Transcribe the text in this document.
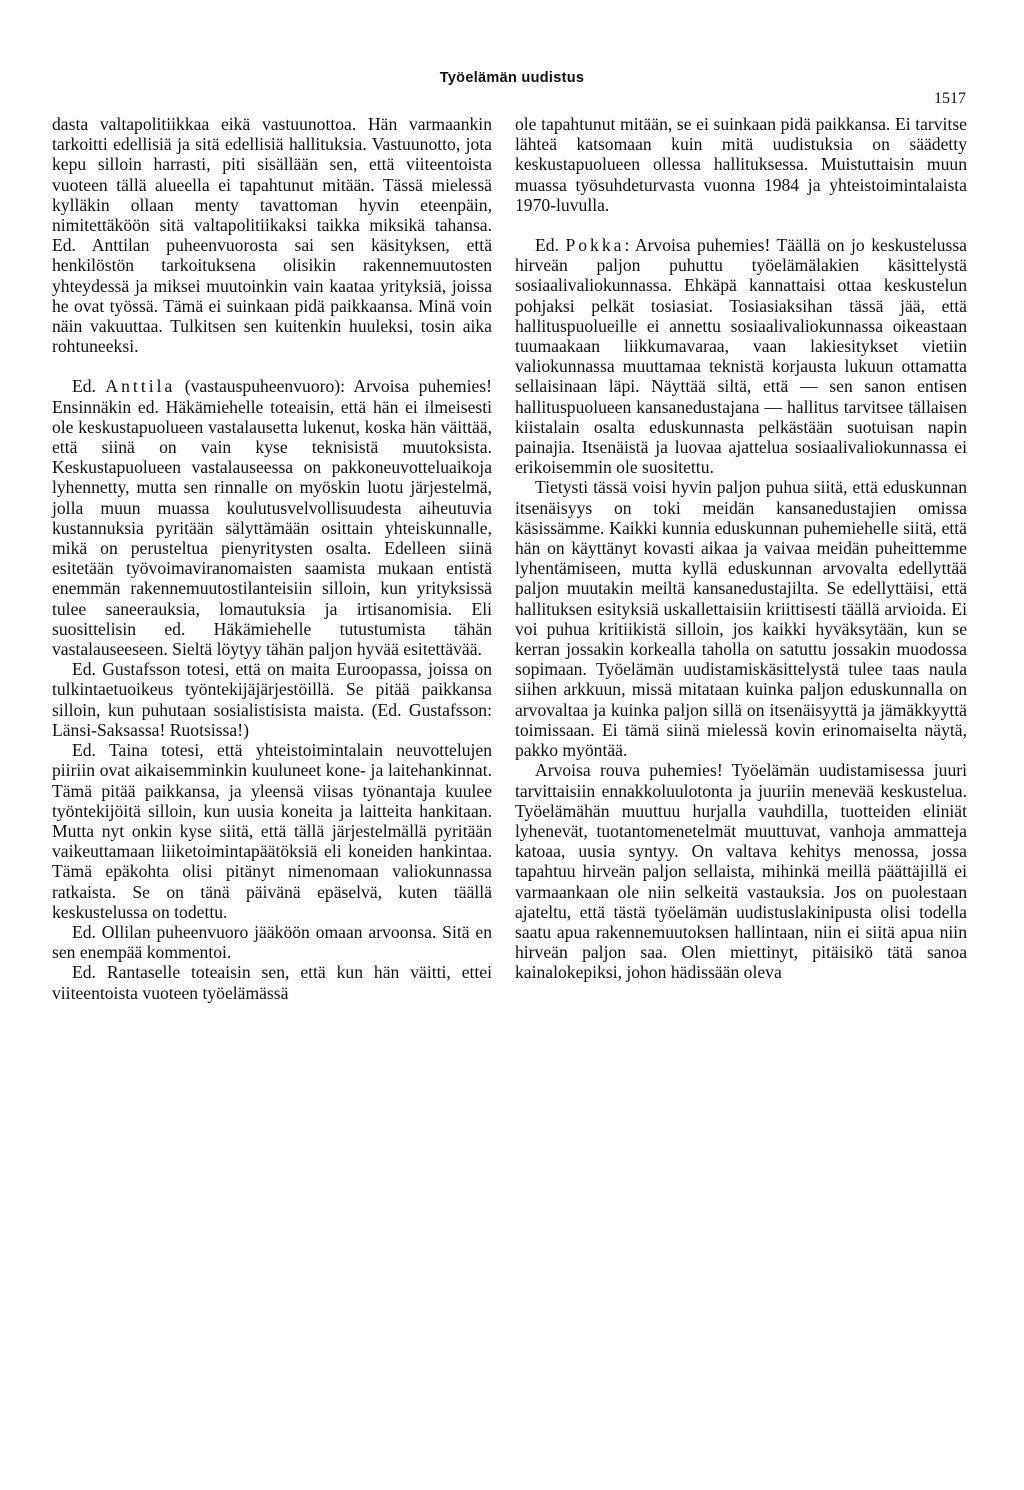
Työelämän uudistus
1517

dasta valtapolitiikkaa eikä vastuunottoa. Hän varmaankin tarkoitti edellisiä ja sitä edellisiä hallituksia. Vastuunotto, jota kepu silloin harrasti, piti sisällään sen, että viiteentoista vuoteen tällä alueella ei tapahtunut mitään. Tässä mielessä kylläkin ollaan menty tavattoman hyvin eteenpäin, nimitettäköön sitä valtapolitiikaksi taikka miksikä tahansa. Ed. Anttilan puheenvuorosta sai sen käsityksen, että henkilöstön tarkoituksena olisikin rakennemuutosten yhteydessä ja miksei muutoinkin vain kaataa yrityksiä, joissa he ovat työssä. Tämä ei suinkaan pidä paikkaansa. Minä voin näin vakuuttaa. Tulkitsen sen kuitenkin huuleksi, tosin aika rohtuneeksi.

Ed. Anttila (vastauspuheenvuoro): Arvoisa puhemies! Ensinnäkin ed. Häkämiehelle toteaisin, että hän ei ilmeisesti ole keskustapuolueen vastalausetta lukenut, koska hän väittää, että siinä on vain kyse teknisistä muutoksista. Keskustapuolueen vastalauseessa on pakkoneuvotteluaikoja lyhennetty, mutta sen rinnalle on myöskin luotu järjestelmä, jolla muun muassa koulutusvelvollisuudesta aiheutuvia kustannuksia pyritään sälyttämään osittain yhteiskunnalle, mikä on perusteltua pienyritysten osalta. Edelleen siinä esitetään työvoimaviranomaisten saamista mukaan entistä enemmän rakennemuutostilanteisiin silloin, kun yrityksissä tulee saneerauksia, lomautuksia ja irtisanomisia. Eli suosittelisin ed. Häkämiehelle tutustumista tähän vastalauseeseen. Sieltä löytyy tähän paljon hyvää esitettävää.

Ed. Gustafsson totesi, että on maita Euroopassa, joissa on tulkintaetuoikeus työntekijäjärjestöillä. Se pitää paikkansa silloin, kun puhutaan sosialistisista maista. (Ed. Gustafsson: Länsi-Saksassa! Ruotsissa!)

Ed. Taina totesi, että yhteistoimintalain neuvottelujen piiriin ovat aikaisemminkin kuuluneet kone- ja laitehankinnat. Tämä pitää paikkansa, ja yleensä viisas työnantaja kuulee työntekijöitä silloin, kun uusia koneita ja laitteita hankitaan. Mutta nyt onkin kyse siitä, että tällä järjestelmällä pyritään vaikeuttamaan liiketoimintapäätöksiä eli koneiden hankintaa. Tämä epäkohta olisi pitänyt nimenomaan valiokunnassa ratkaista. Se on tänä päivänä epäselvä, kuten täällä keskustelussa on todettu.

Ed. Ollilan puheenvuoro jääköön omaan arvoonsa. Sitä en sen enempää kommentoi.

Ed. Rantaselle toteaisin sen, että kun hän väitti, ettei viiteentoista vuoteen työelämässä

ole tapahtunut mitään, se ei suinkaan pidä paikkansa. Ei tarvitse lähteä katsomaan kuin mitä uudistuksia on säädetty keskustapuolueen ollessa hallituksessa. Muistuttaisin muun muassa työsuhdeturvasta vuonna 1984 ja yhteistoimintalaista 1970-luvulla.

Ed. Pokka: Arvoisa puhemies! Täällä on jo keskustelussa hirveän paljon puhuttu työelämälakien käsittelystä sosiaalivaliokunnassa. Ehkäpä kannattaisi ottaa keskustelun pohjaksi pelkät tosiasiat. Tosiasiaksihan tässä jää, että hallituspuolueille ei annettu sosiaalivaliokunnassa oikeastaan tuumaakaan liikkumavaraa, vaan lakiesitykset vietiin valiokunnassa muuttamaa teknistä korjausta lukuun ottamatta sellaisinaan läpi. Näyttää siltä, että — sen sanon entisen hallituspuolueen kansanedustajana — hallitus tarvitsee tällaisen kiistalain osalta eduskunnasta pelkästään suotuisan napin painajia. Itsenäistä ja luovaa ajattelua sosiaalivaliokunnassa ei erikoisemmin ole suositettu.

Tietysti tässä voisi hyvin paljon puhua siitä, että eduskunnan itsenäisyys on toki meidän kansanedustajien omissa käsissämme. Kaikki kunnia eduskunnan puhemiehelle siitä, että hän on käyttänyt kovasti aikaa ja vaivaa meidän puheittemme lyhentämiseen, mutta kyllä eduskunnan arvovalta edellyttää paljon muutakin meiltä kansanedustajilta. Se edellyttäisi, että hallituksen esityksiä uskallettaisiin kriittisesti täällä arvioida. Ei voi puhua kritiikistä silloin, jos kaikki hyväksytään, kun se kerran jossakin korkealla taholla on satuttu jossakin muodossa sopimaan. Työelämän uudistamiskäsittelystä tulee taas naula siihen arkkuun, missä mitataan kuinka paljon eduskunnalla on arvovaltaa ja kuinka paljon sillä on itsenäisyyttä ja jämäkkyyttä toimissaan. Ei tämä siinä mielessä kovin erinomaiselta näytä, pakko myöntää.

Arvoisa rouva puhemies! Työelämän uudistamisessa juuri tarvittaisiin ennakkoluulotonta ja juuriin menevää keskustelua. Työelämähän muuttuu hurjalla vauhdilla, tuotteiden eliniät lyhenevät, tuotantomenetelmät muuttuvat, vanhoja ammatteja katoaa, uusia syntyy. On valtava kehitys menossa, jossa tapahtuu hirveän paljon sellaista, mihinkä meillä päättäjillä ei varmaankaan ole niin selkeitä vastauksia. Jos on puolestaan ajateltu, että tästä työelämän uudistuslakinipusta olisi todella saatu apua rakennemuutoksen hallintaan, niin ei siitä apua niin hirveän paljon saa. Olen miettinyt, pitäisikö tätä sanoa kainalokepiksi, johon hädissään oleva
